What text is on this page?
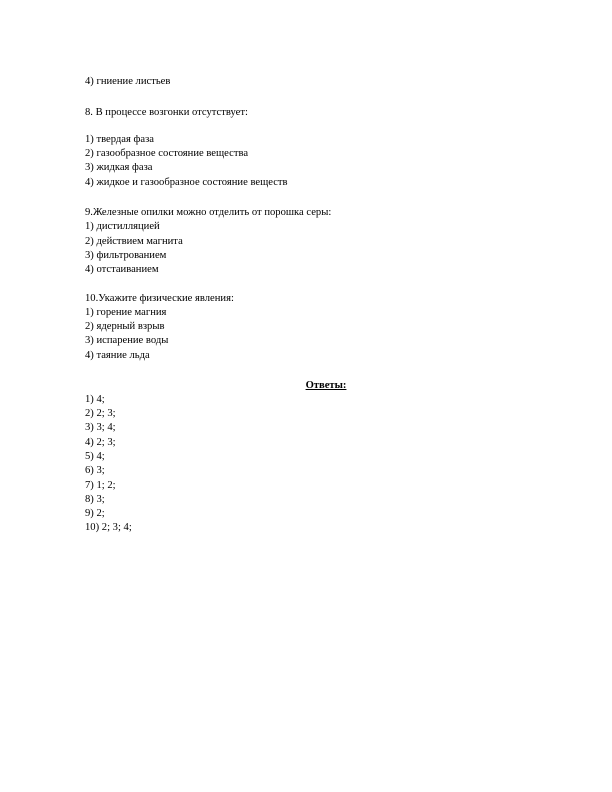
4) гниение листьев
8. В процессе возгонки отсутствует:
1) твердая фаза
2) газообразное состояние вещества
3) жидкая фаза
4) жидкое и газообразное состояние веществ
9.Железные опилки можно отделить от порошка серы:
1) дистилляцией
2) действием магнита
3) фильтрованием
4) отстаиванием
10.Укажите физические явления:
1) горение магния
2) ядерный взрыв
3) испарение воды
4) таяние льда
Ответы:
1) 4;
2) 2; 3;
3) 3; 4;
4) 2; 3;
5) 4;
6) 3;
7) 1; 2;
8) 3;
9) 2;
10) 2; 3; 4;
